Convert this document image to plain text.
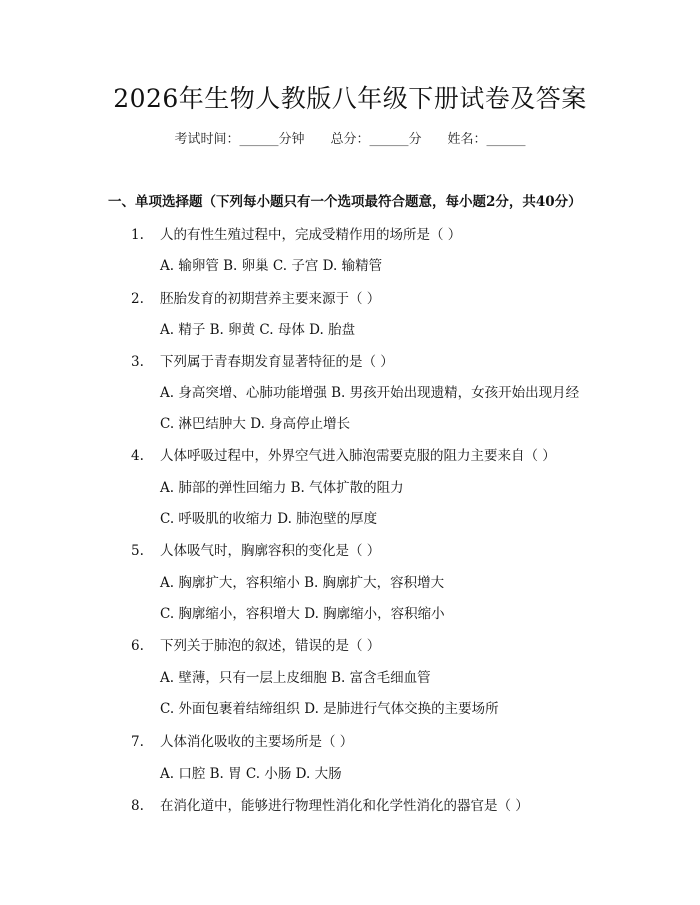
2026年生物人教版八年级下册试卷及答案
考试时间：______分钟 总分：______分 姓名：______
一、单项选择题（下列每小题只有一个选项最符合题意，每小题2分，共40分）
1. 人的有性生殖过程中，完成受精作用的场所是（ ）
A. 输卵管 B. 卵巢 C. 子宫 D. 输精管
2. 胚胎发育的初期营养主要来源于（ ）
A. 精子 B. 卵黄 C. 母体 D. 胎盘
3. 下列属于青春期发育显著特征的是（ ）
A. 身高突增、心肺功能增强 B. 男孩开始出现遗精，女孩开始出现月经
C. 淋巴结肿大 D. 身高停止增长
4. 人体呼吸过程中，外界空气进入肺泡需要克服的阻力主要来自（ ）
A. 肺部的弹性回缩力 B. 气体扩散的阻力
C. 呼吸肌的收缩力 D. 肺泡壁的厚度
5. 人体吸气时，胸廓容积的变化是（ ）
A. 胸廓扩大，容积缩小 B. 胸廓扩大，容积增大
C. 胸廓缩小，容积增大 D. 胸廓缩小，容积缩小
6. 下列关于肺泡的叙述，错误的是（ ）
A. 壁薄，只有一层上皮细胞 B. 富含毛细血管
C. 外面包裹着结缔组织 D. 是肺进行气体交换的主要场所
7. 人体消化吸收的主要场所是（ ）
A. 口腔 B. 胃 C. 小肠 D. 大肠
8. 在消化道中，能够进行物理性消化和化学性消化的器官是（ ）
